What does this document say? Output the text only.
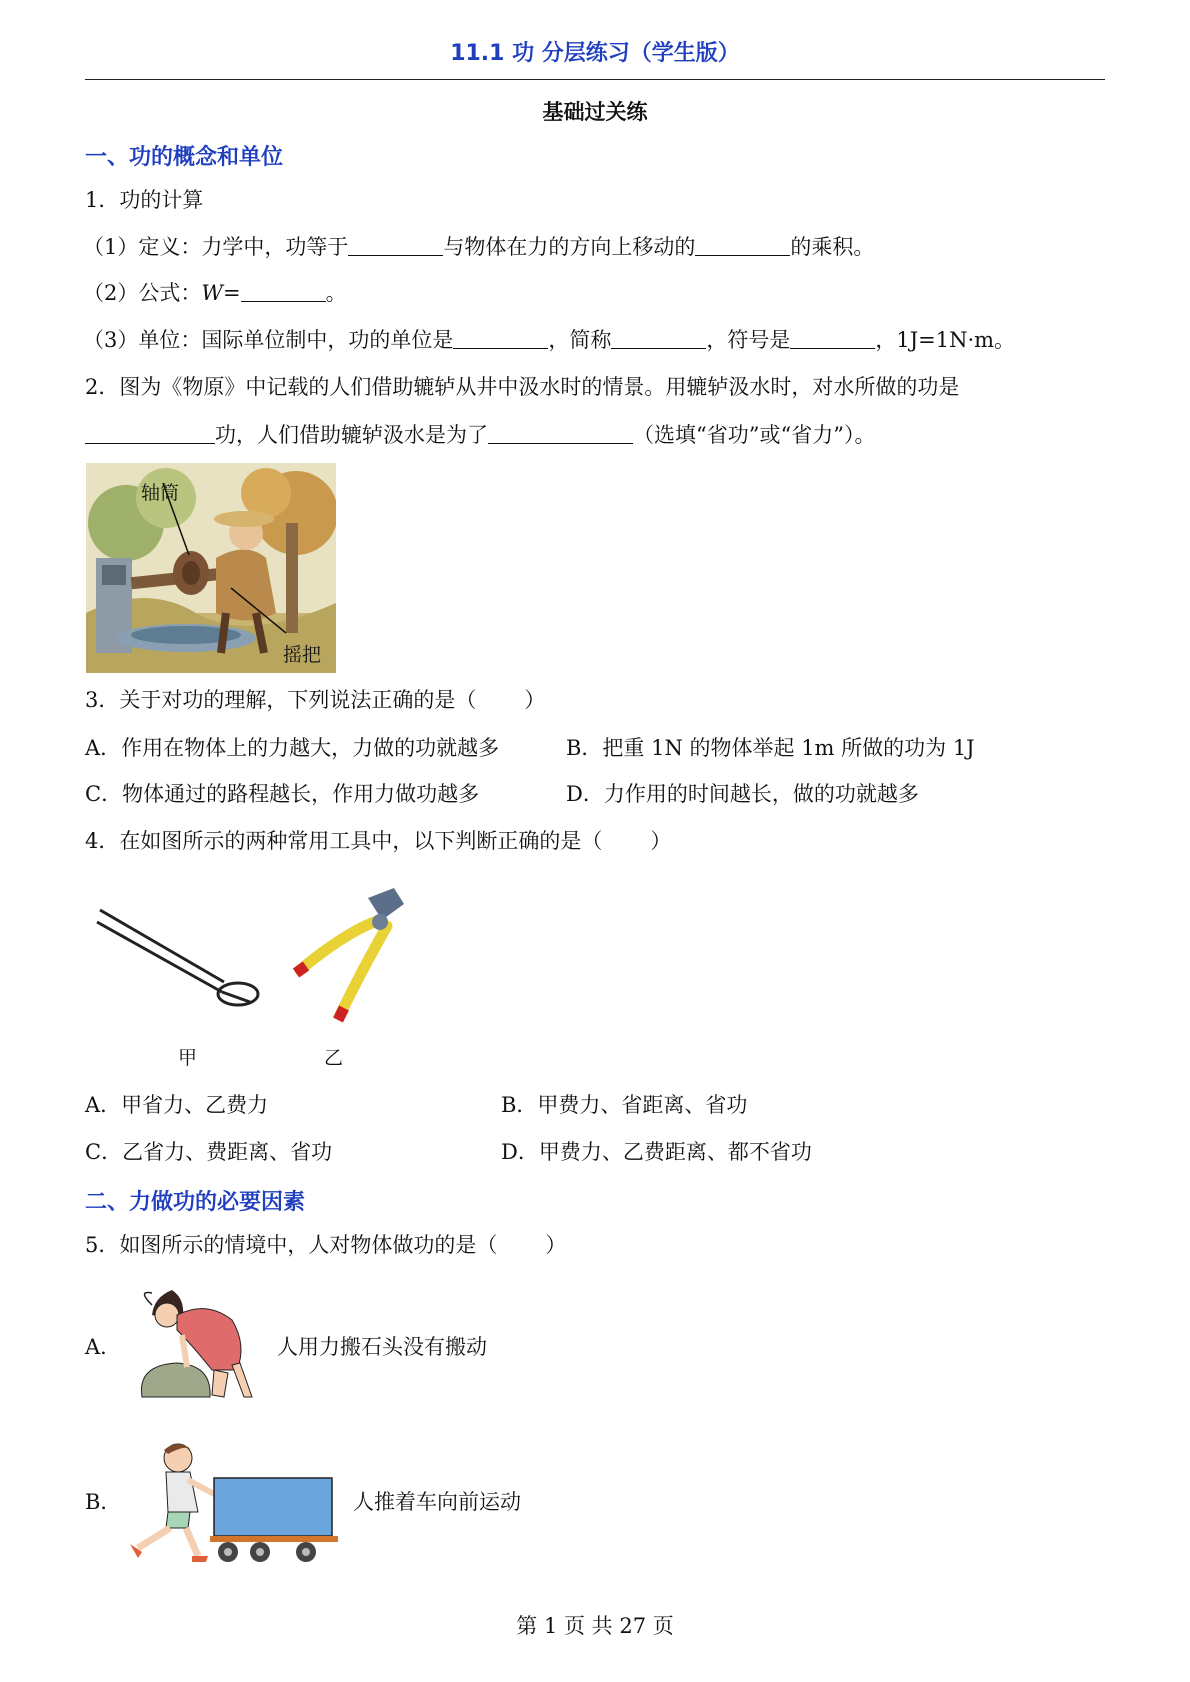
11.1 功 分层练习（学生版）
基础过关练
一、功的概念和单位
1．功的计算
（1）定义：力学中，功等于	与物体在力的方向上移动的	的乘积。
（2）公式：W=	。
（3）单位：国际单位制中，功的单位是	，简称	，符号是	，1J=1N·m。
2．图为《物原》中记载的人们借助辘轳从井中汲水时的情景。用辘轳汲水时，对水所做的功是
功，人们借助辘轳汲水是为了	（选填“省功”或“省力”）。
轴筒
摇把
3．关于对功的理解，下列说法正确的是（ ）
A．作用在物体上的力越大，力做的功就越多	B．把重 1N 的物体举起 1m 所做的功为 1J
C．物体通过的路程越长，作用力做功越多	D．力作用的时间越长，做的功就越多
4．在如图所示的两种常用工具中，以下判断正确的是（ ）
甲	乙
A．甲省力、乙费力	B．甲费力、省距离、省功
C．乙省力、费距离、省功	D．甲费力、乙费距离、都不省功
二、力做功的必要因素
5．如图所示的情境中，人对物体做功的是（ ）
A．	人用力搬石头没有搬动
B．	人推着车向前运动
第 1 页 共 27 页
